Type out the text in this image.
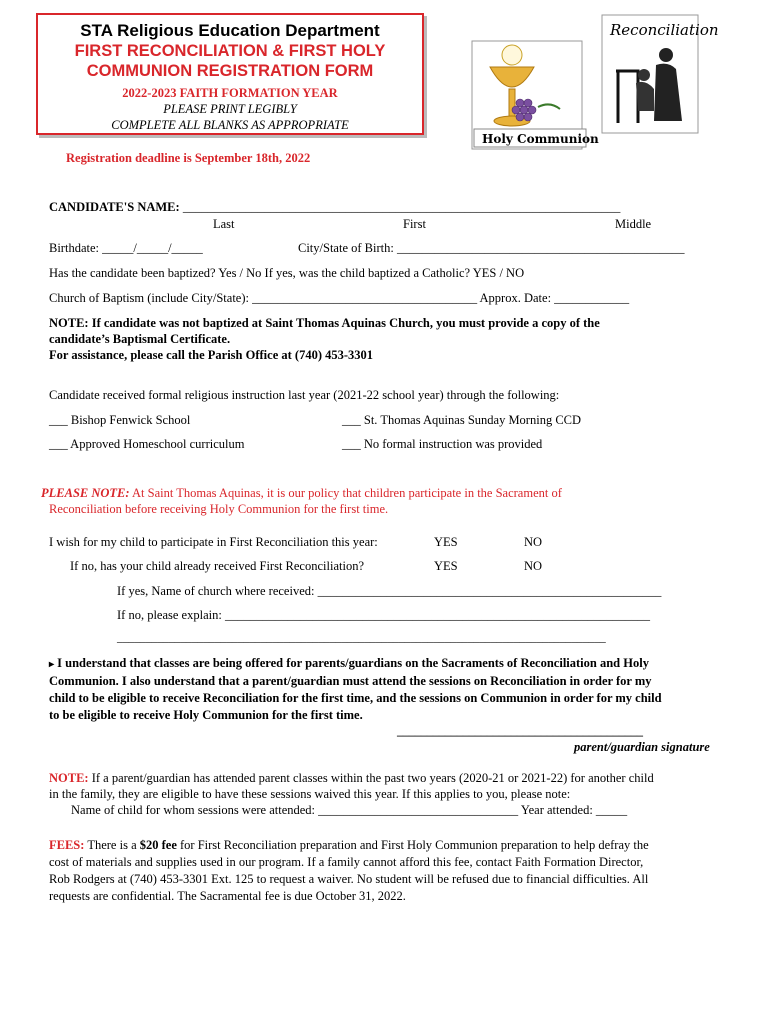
STA Religious Education Department
FIRST RECONCILIATION & FIRST HOLY
COMMUNION REGISTRATION FORM
2022-2023 FAITH FORMATION YEAR
PLEASE PRINT LEGIBLY
COMPLETE ALL BLANKS AS APPROPRIATE
Reconciliation
Holy Communion
Registration deadline is September 18th, 2022
CANDIDATE'S NAME: ______________________________________________________________________
Last	First	Middle
Birthdate: _____/_____/_____	City/State of Birth: ______________________________________________
Has the candidate been baptized? Yes / No If yes, was the child baptized a Catholic? YES / NO
Church of Baptism (include City/State): ____________________________________ Approx. Date: ____________
NOTE: If candidate was not baptized at Saint Thomas Aquinas Church, you must provide a copy of the
candidate’s Baptismal Certificate.
For assistance, please call the Parish Office at (740) 453-3301
Candidate received formal religious instruction last year (2021-22 school year) through the following:
___ Bishop Fenwick School	___ St. Thomas Aquinas Sunday Morning CCD
___ Approved Homeschool curriculum	___ No formal instruction was provided
PLEASE NOTE: At Saint Thomas Aquinas, it is our policy that children participate in the Sacrament of
Reconciliation before receiving Holy Communion for the first time.
I wish for my child to participate in First Reconciliation this year:	YES	NO
If no, has your child already received First Reconciliation?	YES	NO
If yes, Name of church where received: _______________________________________________________
If no, please explain: ____________________________________________________________________
_____________________________________________________________________________________
▸ I understand that classes are being offered for parents/guardians on the Sacraments of Reconciliation and Holy
Communion. I also understand that a parent/guardian must attend the sessions on Reconciliation in order for my
child to be eligible to receive Reconciliation for the first time, and the sessions on Communion in order for my child
to be eligible to receive Holy Communion for the first time.
_________________________________________
parent/guardian signature
NOTE: If a parent/guardian has attended parent classes within the past two years (2020-21 or 2021-22) for another child
in the family, they are eligible to have these sessions waived this year. If this applies to you, please note:
Name of child for whom sessions were attended: ________________________________ Year attended: _____
FEES: There is a $20 fee for First Reconciliation preparation and First Holy Communion preparation to help defray the
cost of materials and supplies used in our program. If a family cannot afford this fee, contact Faith Formation Director,
Rob Rodgers at (740) 453-3301 Ext. 125 to request a waiver. No student will be refused due to financial difficulties. All
requests are confidential. The Sacramental fee is due October 31, 2022.
